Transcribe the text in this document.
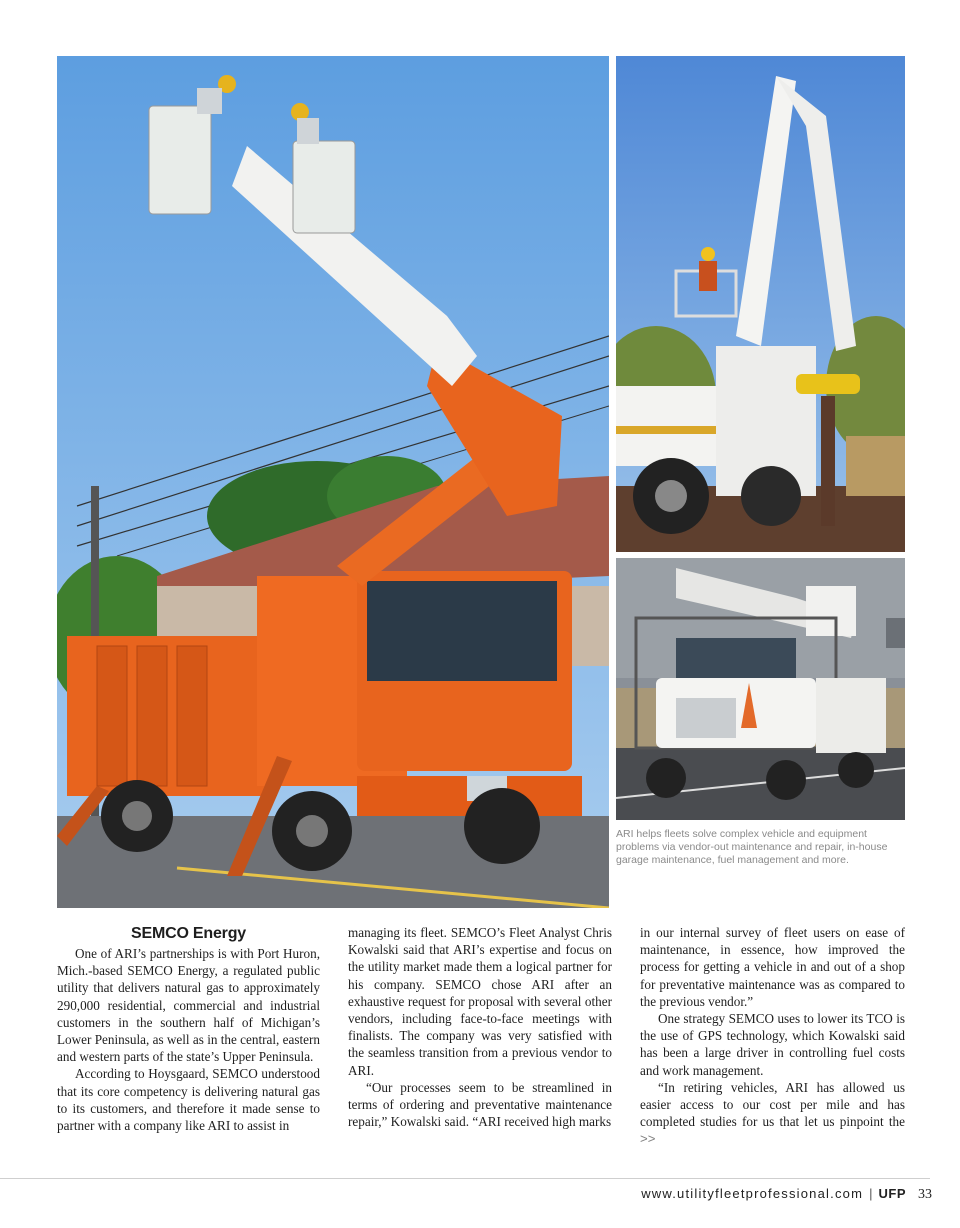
ARI helps fleets solve complex vehicle and equipment problems via vendor-out maintenance and repair, in-house garage maintenance, fuel management and more.
SEMCO Energy

One of ARI’s partnerships is with Port Huron, Mich.-based SEMCO Energy, a regulated public utility that delivers natural gas to approximately 290,000 residential, commercial and industrial customers in the southern half of Michigan’s Lower Peninsula, as well as in the central, eastern and western parts of the state’s Upper Peninsula.

According to Hoysgaard, SEMCO understood that its core competency is delivering natural gas to its customers, and therefore it made sense to partner with a company like ARI to assist in

managing its fleet. SEMCO’s Fleet Analyst Chris Kowalski said that ARI’s expertise and focus on the utility market made them a logical partner for his company. SEMCO chose ARI after an exhaustive request for proposal with several other vendors, including face-to-face meetings with finalists. The company was very satisfied with the seamless transition from a previous vendor to ARI.

“Our processes seem to be streamlined in terms of ordering and preventative maintenance repair,” Kowalski said. “ARI received high marks

in our internal survey of fleet users on ease of maintenance, in essence, how improved the process for getting a vehicle in and out of a shop for preventative maintenance was as compared to the previous vendor.”

One strategy SEMCO uses to lower its TCO is the use of GPS technology, which Kowalski said has been a large driver in controlling fuel costs and work management.

“In retiring vehicles, ARI has allowed us easier access to our cost per mile and has completed studies for us that let us pinpoint the >>

www.utilityfleetprofessional.com | UFP 33
